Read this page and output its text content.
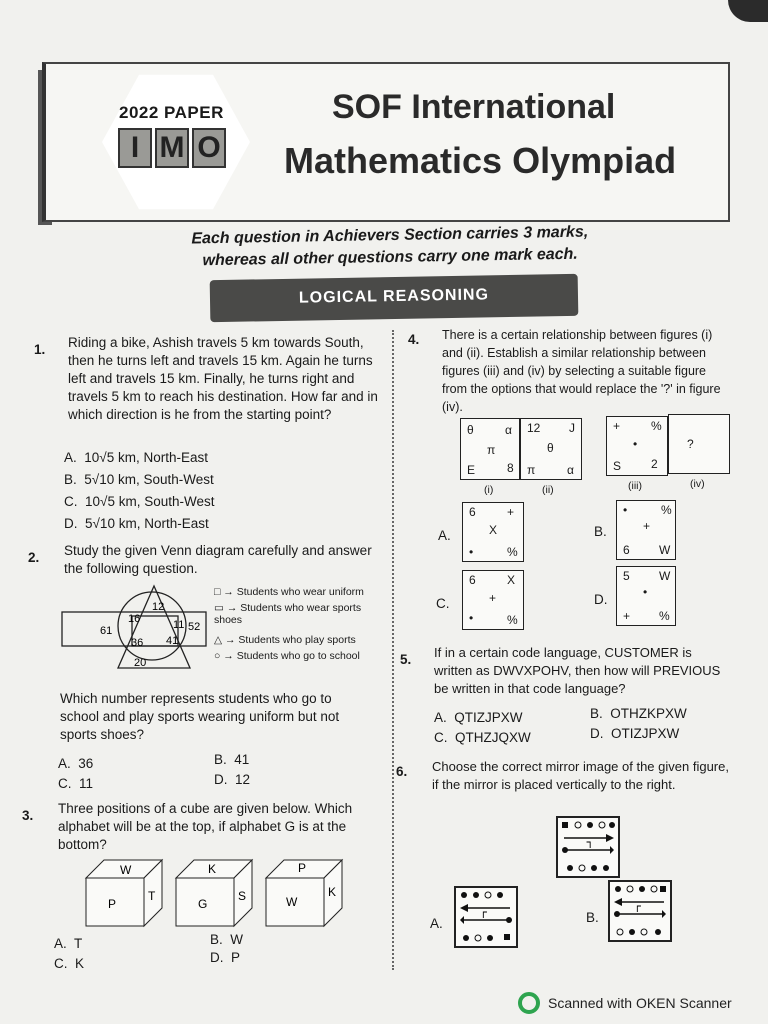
2022 PAPER
I M O
SOF International
Mathematics Olympiad
Each question in Achievers Section carries 3 marks,
whereas all other questions carry one mark each.
LOGICAL REASONING
1. Riding a bike, Ashish travels 5 km towards South, then he turns left and travels 15 km. Again he turns left and travels 15 km. Finally, he turns right and travels 5 km to reach his destination. How far and in which direction is he from the starting point?
A. 10√5 km, North-East
B. 5√10 km, South-West
C. 10√5 km, South-West
D. 5√10 km, North-East
2. Study the given Venn diagram carefully and answer the following question.
12
16	11
61	52
36 41
20
□ → Students who wear uniform
▭ → Students who wear sports shoes
△ → Students who play sports
○ → Students who go to school
Which number represents students who go to school and play sports wearing uniform but not sports shoes?
A. 36	B. 41
C. 11	D. 12
3. Three positions of a cube are given below. Which alphabet will be at the top, if alphabet G is at the bottom?
W
P
T
K
G
S
P
W
K
A. T	B. W
C. K	D. P
4. There is a certain relationship between figures (i) and (ii). Establish a similar relationship between figures (iii) and (iv) by selecting a suitable figure from the options that would replace the '?' in figure (iv).
θ	α
π
E	8
12 J
θ
π	α
+	%
•
S 2
?
(i)	(ii)	(iii)	(iv)
A.
6	+
X
•	%
B.
•	%
+
6 W
C.
6	X
+
•	%
D.
5 W
•
+ %
5. If in a certain code language, CUSTOMER is written as DWVXPOHV, then how will PREVIOUS be written in that code language?
A. QTIZJPXW	B. OTHZKPXW
C. QTHZJQXW	D. OTIZJPXW
6. Choose the correct mirror image of the given figure, if the mirror is placed vertically to the right.
ᒣ
A.
ᒥ	B.
ᒥ
Scanned with OKEN Scanner
